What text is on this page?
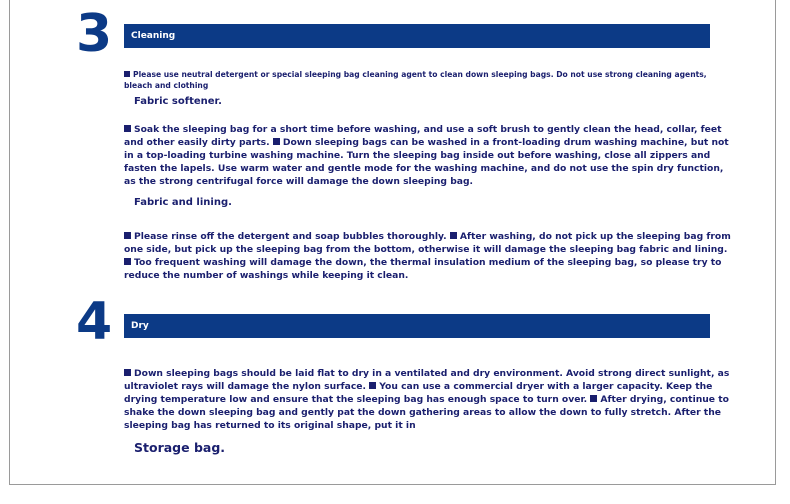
3	Cleaning
Please use neutral detergent or special sleeping bag cleaning agent to clean down sleeping bags. Do not use strong cleaning agents, bleach and clothing
Fabric softener.
Soak the sleeping bag for a short time before washing, and use a soft brush to gently clean the head, collar, feet and other easily dirty parts. Down sleeping bags can be washed in a front-loading drum washing machine, but not in a top-loading turbine washing machine. Turn the sleeping bag inside out before washing, close all zippers and fasten the lapels. Use warm water and gentle mode for the washing machine, and do not use the spin dry function, as the strong centrifugal force will damage the down sleeping bag.
Fabric and lining.
Please rinse off the detergent and soap bubbles thoroughly. After washing, do not pick up the sleeping bag from one side, but pick up the sleeping bag from the bottom, otherwise it will damage the sleeping bag fabric and lining. Too frequent washing will damage the down, the thermal insulation medium of the sleeping bag, so please try to reduce the number of washings while keeping it clean.
4	Dry
Down sleeping bags should be laid flat to dry in a ventilated and dry environment. Avoid strong direct sunlight, as ultraviolet rays will damage the nylon surface. You can use a commercial dryer with a larger capacity. Keep the drying temperature low and ensure that the sleeping bag has enough space to turn over. After drying, continue to shake the down sleeping bag and gently pat the down gathering areas to allow the down to fully stretch. After the sleeping bag has returned to its original shape, put it in
Storage bag.
